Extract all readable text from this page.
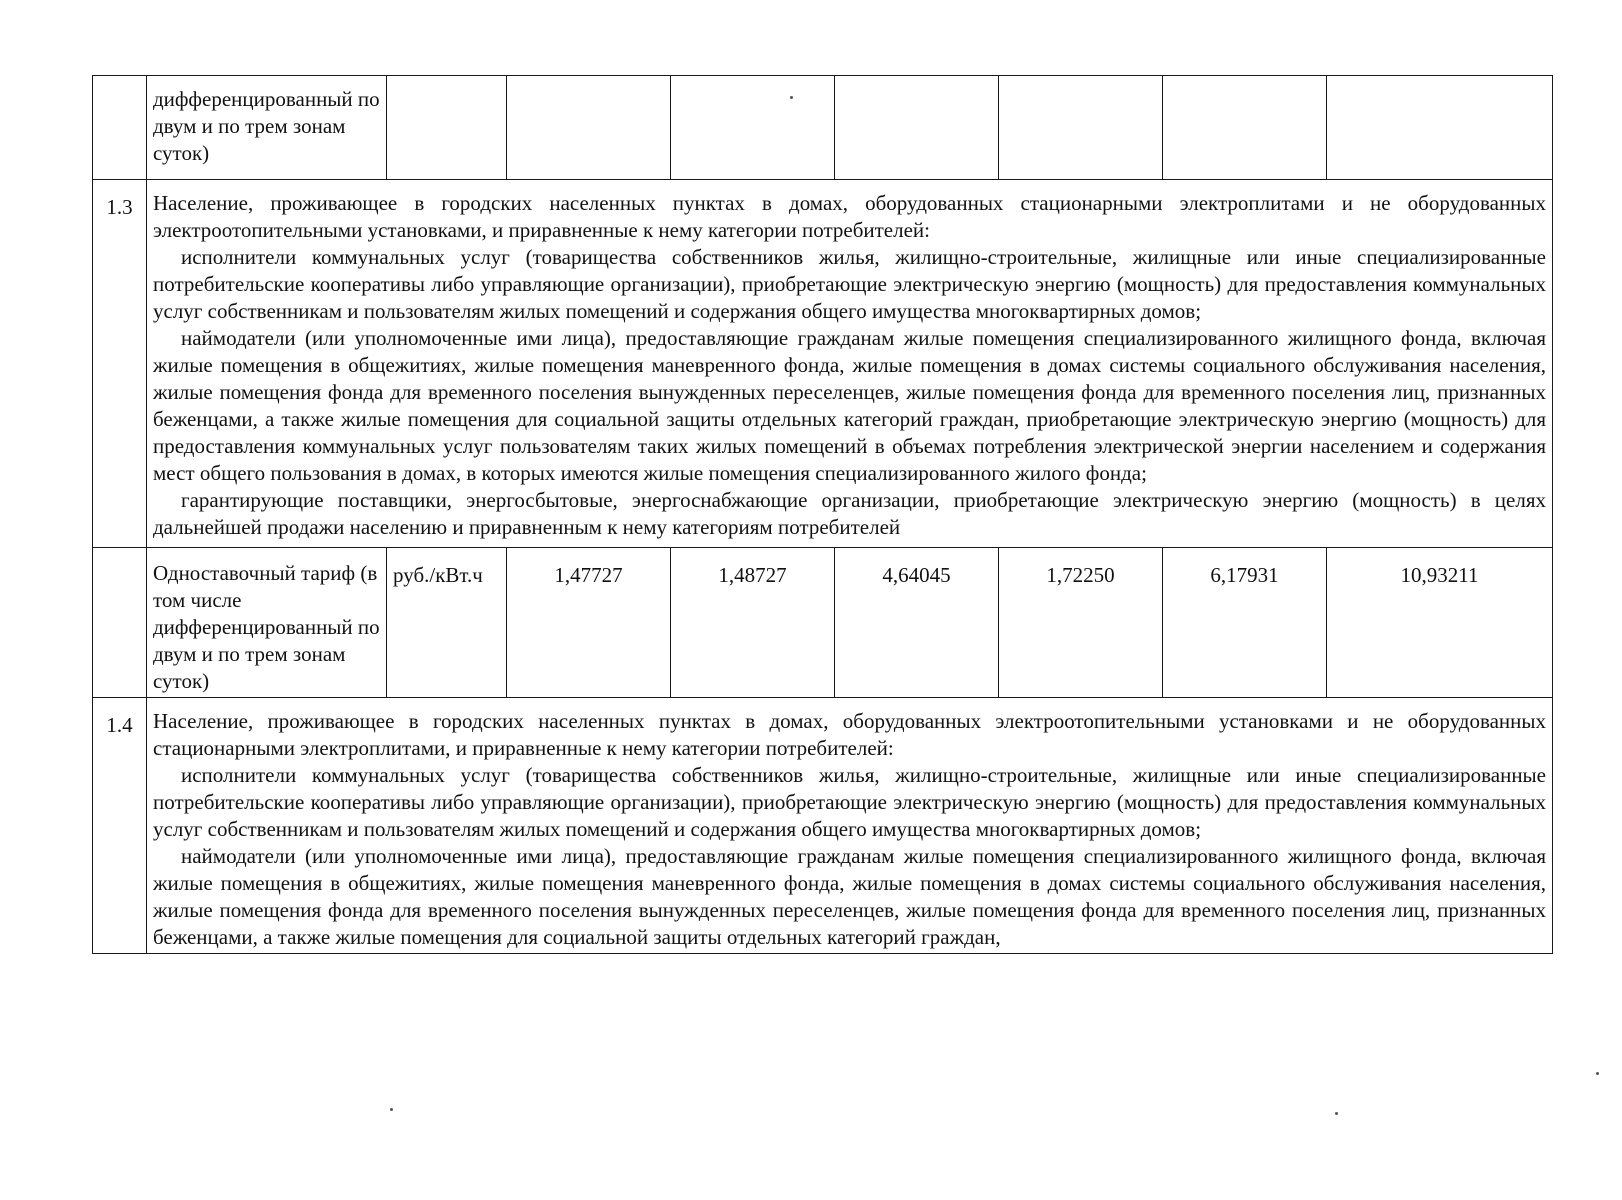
	дифференцированный по двум и по трем зонам суток)							
1.3	Население, проживающее в городских населенных пунктах в домах, оборудованных стационарными электроплитами и не оборудованных электроотопительными установками, и приравненные к нему категории потребителей:

исполнители коммунальных услуг (товарищества собственников жилья, жилищно-строительные, жилищные или иные специализированные потребительские кооперативы либо управляющие организации), приобретающие электрическую энергию (мощность) для предоставления коммунальных услуг собственникам и пользователям жилых помещений и содержания общего имущества многоквартирных домов;

наймодатели (или уполномоченные ими лица), предоставляющие гражданам жилые помещения специализированного жилищного фонда, включая жилые помещения в общежитиях, жилые помещения маневренного фонда, жилые помещения в домах системы социального обслуживания населения, жилые помещения фонда для временного поселения вынужденных переселенцев, жилые помещения фонда для временного поселения лиц, признанных беженцами, а также жилые помещения для социальной защиты отдельных категорий граждан, приобретающие электрическую энергию (мощность) для предоставления коммунальных услуг пользователям таких жилых помещений в объемах потребления электрической энергии населением и содержания мест общего пользования в домах, в которых имеются жилые помещения специализированного жилого фонда;

гарантирующие поставщики, энергосбытовые, энергоснабжающие организации, приобретающие электрическую энергию (мощность) в целях дальнейшей продажи населению и приравненным к нему категориям потребителей							

	Одноставочный тариф (в том числе дифференцированный по двум и по трем зонам суток)	руб./кВт.ч	1,47727	1,48727	4,64045	1,72250	6,17931	10,93211
1.4	Население, проживающее в городских населенных пунктах в домах, оборудованных электроотопительными установками и не оборудованных стационарными электроплитами, и приравненные к нему категории потребителей:

исполнители коммунальных услуг (товарищества собственников жилья, жилищно-строительные, жилищные или иные специализированные потребительские кооперативы либо управляющие организации), приобретающие электрическую энергию (мощность) для предоставления коммунальных услуг собственникам и пользователям жилых помещений и содержания общего имущества многоквартирных домов;

наймодатели (или уполномоченные ими лица), предоставляющие гражданам жилые помещения специализированного жилищного фонда, включая жилые помещения в общежитиях, жилые помещения маневренного фонда, жилые помещения в домах системы социального обслуживания населения, жилые помещения фонда для временного поселения вынужденных переселенцев, жилые помещения фонда для временного поселения лиц, признанных беженцами, а также жилые помещения для социальной защиты отдельных категорий граждан,							
